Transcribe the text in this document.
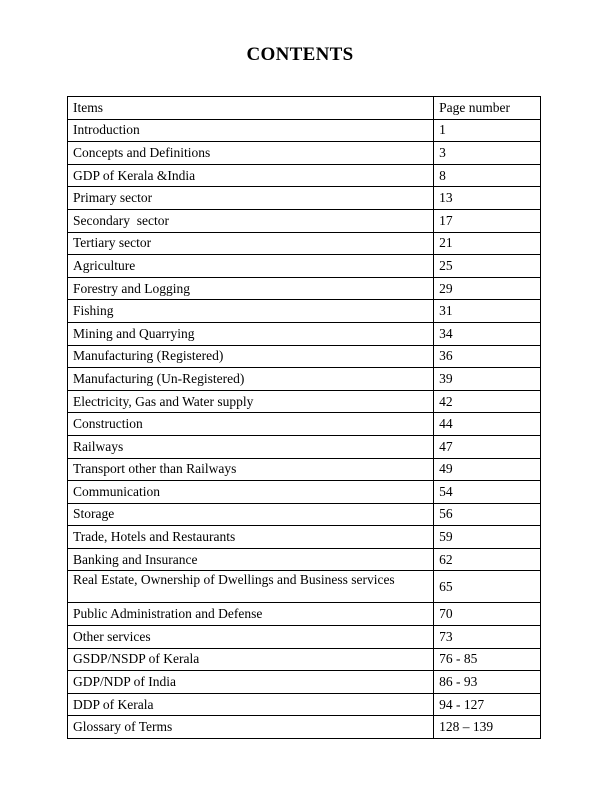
CONTENTS
Items	Page number
Introduction	1
Concepts and Definitions	3
GDP of Kerala &India	8
Primary sector	13
Secondary  sector	17
Tertiary sector	21
Agriculture	25
Forestry and Logging	29
Fishing	31
Mining and Quarrying	34
Manufacturing (Registered)	36
Manufacturing (Un-Registered)	39
Electricity, Gas and Water supply	42
Construction	44
Railways	47
Transport other than Railways	49
Communication	54
Storage	56
Trade, Hotels and Restaurants	59
Banking and Insurance	62
Real Estate, Ownership of Dwellings and Business services	65
Public Administration and Defense	70
Other services	73
GSDP/NSDP of Kerala	76 - 85
GDP/NDP of India	86 - 93
DDP of Kerala	94 - 127
Glossary of Terms	128 – 139
